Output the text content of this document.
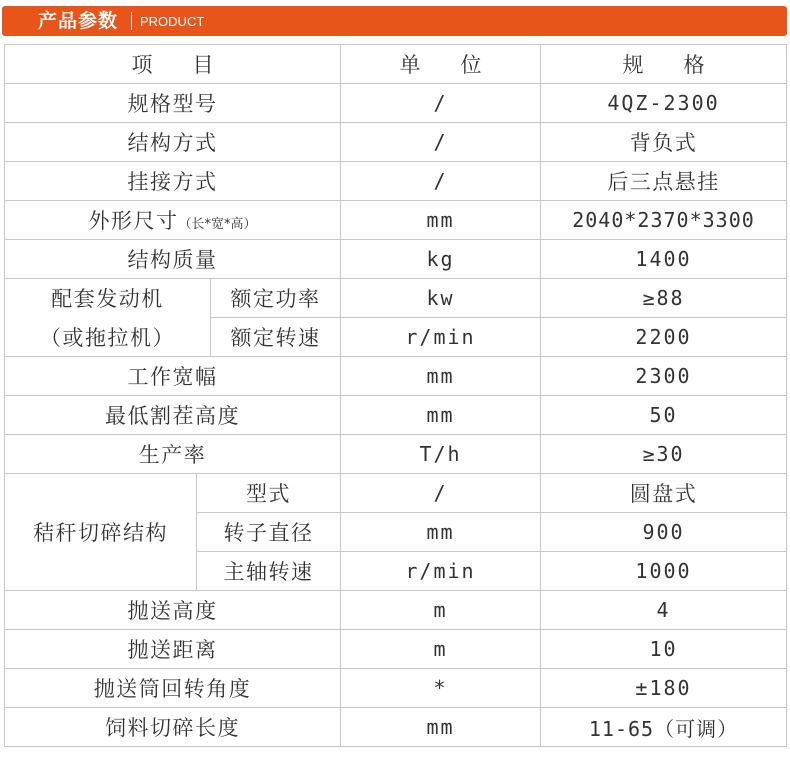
产品参数 PRODUCT
项      目			单      位	规      格
规格型号			/	4QZ-2300
结构方式			/	背负式
挂接方式			/	后三点悬挂
外形尺寸（长*宽*高）			mm	2040*2370*3300
结构质量			kg	1400
配套发动机		额定功率	kw	≥88
（或拖拉机）		额定转速	r/min	2200
工作宽幅			mm	2300
最低割茬高度			mm	50
生产率			T/h	≥30
秸秆切碎结构	型式		/	圆盘式
	转子直径		mm	900
	主轴转速		r/min	1000
抛送高度			m	4
抛送距离			m	10
抛送筒回转角度			*	±180
饲料切碎长度			mm	11-65（可调）
